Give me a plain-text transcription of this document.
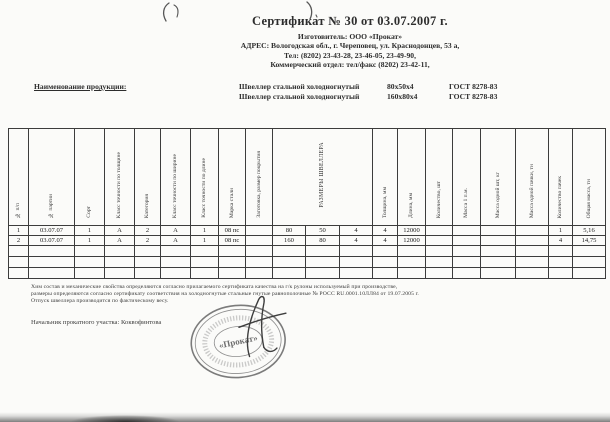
Сертификат № 30 от 03.07.2007 г.
Изготовитель: ООО «Прокат»
АДРЕС: Вологодская обл., г. Череповец, ул. Краснодонцев, 53 а,
Тел: (8202) 23-43-28, 23-46-05, 23-49-90,
Коммерческий отдел: тел/факс (8202) 23-42-11,
Наименование продукции:	Швеллер стальной холодногнутый	80х50х4	ГОСТ 8278-83
Швеллер стальной холодногнутый	160х80х4	ГОСТ 8278-83
№ п/п	№ партии	Сорт	Класс точности по толщине	Категория	Класс точности по ширине	Класс точности по длине	Марка стали	Заготовка, размер покрытия	РАЗМЕРЫ ШВЕЛЛЕРА			Толщина, мм	Длина, мм	Количество, шт	Масса 1 п.м.	Масса одной шт, кг	Масса одной пачки, тн	Количество пачек	Общая масса, тн
1	03.07.07	1	А	2	А	1	08 пс		80	50	4	4	12000					1	5,16
2	03.07.07	1	А	2	А	1	08 пс		160	80	4	4	12000					4	14,75

Хим состав и механические свойства определяются согласно прилагаемого сертификата качества на г/к рулоны используемый при производстве,
размеры определяются согласно сертификату соответствия на холодногнутые стальные гнутые равнополочные № РОСС RU.0001.10ЛЛ84 от 19.07.2005 г.
Отпуск швеллера производится по фактическому весу.
Начальник прокатного участка: Коквофинтова
«Прокат»
